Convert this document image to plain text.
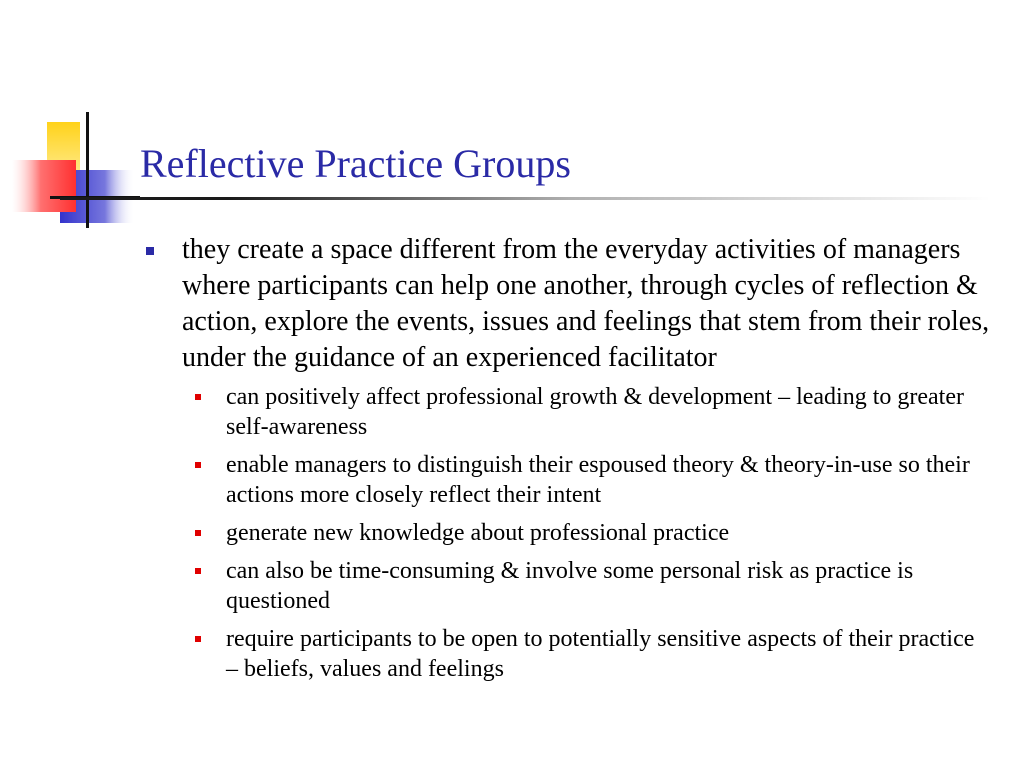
Reflective Practice Groups
they create a space different from the everyday activities of managers where participants can help one another, through cycles of reflection & action, explore the events, issues and feelings that stem from their roles, under the guidance of an experienced facilitator
can positively affect professional growth & development – leading to greater self-awareness
enable managers to distinguish their espoused theory & theory-in-use so their actions more closely reflect their intent
generate new knowledge about professional practice
can also be time-consuming & involve some personal risk as practice is questioned
require participants to be open to potentially sensitive aspects of their practice – beliefs, values and feelings
